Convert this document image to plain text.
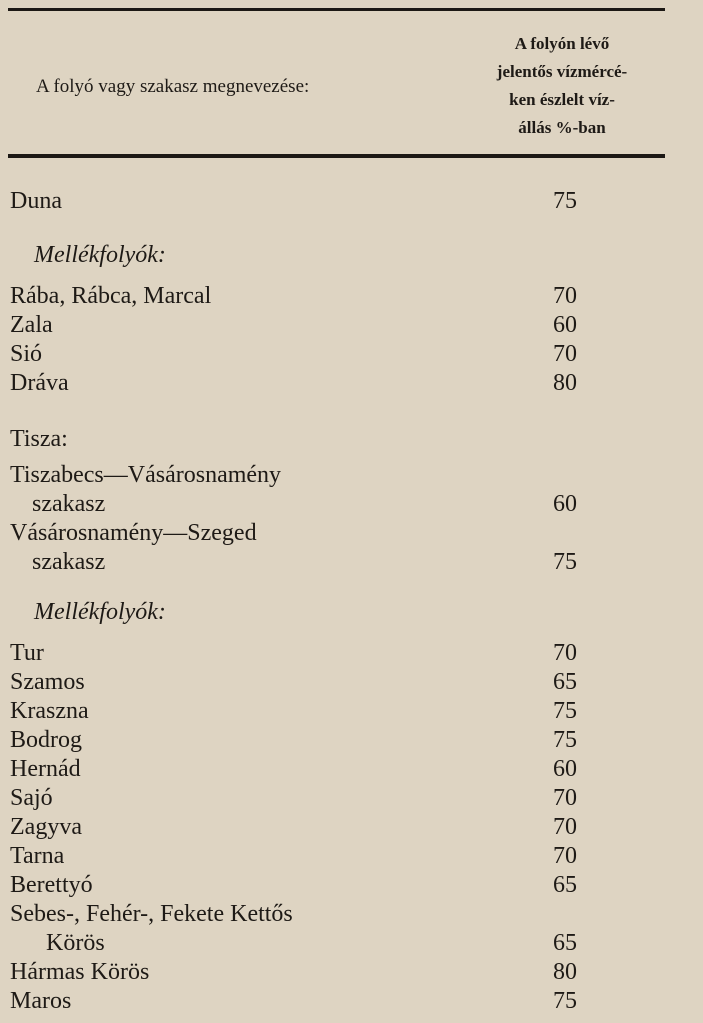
A folyó vagy szakasz megnevezése:
A folyón lévő
jelentős vízmércé-
ken észlelt víz-
állás %-ban
Duna	75
Mellékfolyók:
Rába, Rábca, Marcal	70
Zala	60
Sió	70
Dráva	80
Tisza:
Tiszabecs—Vásárosnamény
szakasz	60
Vásárosnamény—Szeged
szakasz	75
Mellékfolyók:
Tur	70
Szamos	65
Kraszna	75
Bodrog	75
Hernád	60
Sajó	70
Zagyva	70
Tarna	70
Berettyó	65
Sebes-, Fehér-, Fekete Kettős
Körös	65
Hármas Körös	80
Maros	75
